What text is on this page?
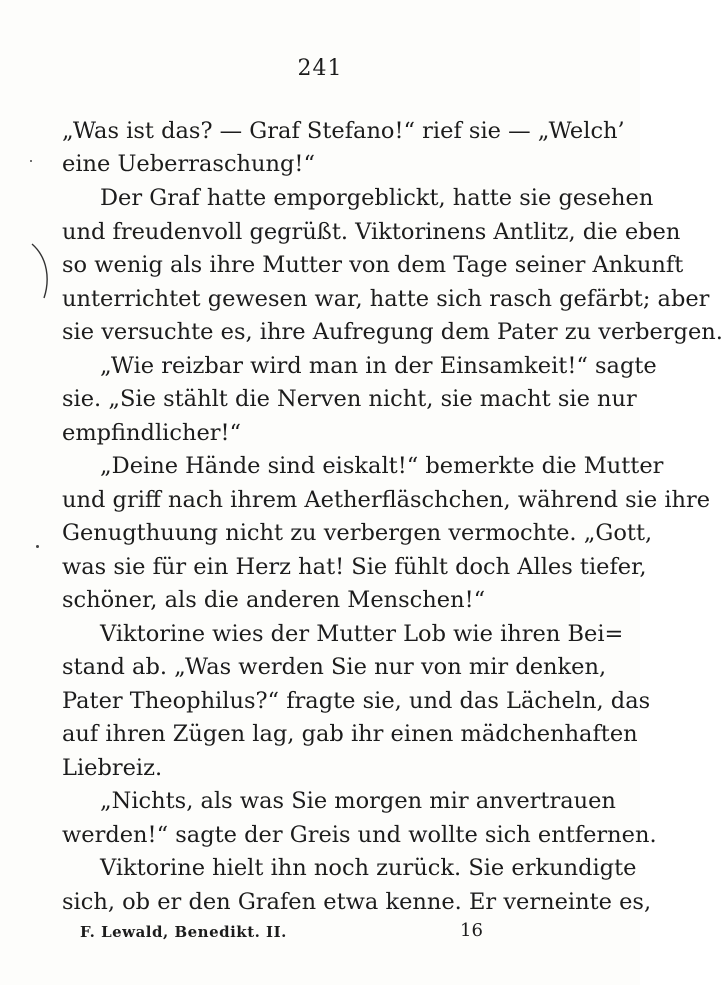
241
„Was ist das? — Graf Stefano!“ rief sie — „Welch’
eine Ueberraschung!“
Der Graf hatte emporgeblickt, hatte sie gesehen
und freudenvoll gegrüßt. Viktorinens Antlitz, die eben
so wenig als ihre Mutter von dem Tage seiner Ankunft
unterrichtet gewesen war, hatte sich rasch gefärbt; aber
sie versuchte es, ihre Aufregung dem Pater zu verbergen.
„Wie reizbar wird man in der Einsamkeit!“ sagte
sie. „Sie stählt die Nerven nicht, sie macht sie nur
empfindlicher!“
„Deine Hände sind eiskalt!“ bemerkte die Mutter
und griff nach ihrem Aetherfläschchen, während sie ihre
Genugthuung nicht zu verbergen vermochte. „Gott,
was sie für ein Herz hat! Sie fühlt doch Alles tiefer,
schöner, als die anderen Menschen!“
Viktorine wies der Mutter Lob wie ihren Bei=
stand ab. „Was werden Sie nur von mir denken,
Pater Theophilus?“ fragte sie, und das Lächeln, das
auf ihren Zügen lag, gab ihr einen mädchenhaften
Liebreiz.
„Nichts, als was Sie morgen mir anvertrauen
werden!“ sagte der Greis und wollte sich entfernen.
Viktorine hielt ihn noch zurück. Sie erkundigte
sich, ob er den Grafen etwa kenne. Er verneinte es,
F. Lewald, Benedikt. II.	16
